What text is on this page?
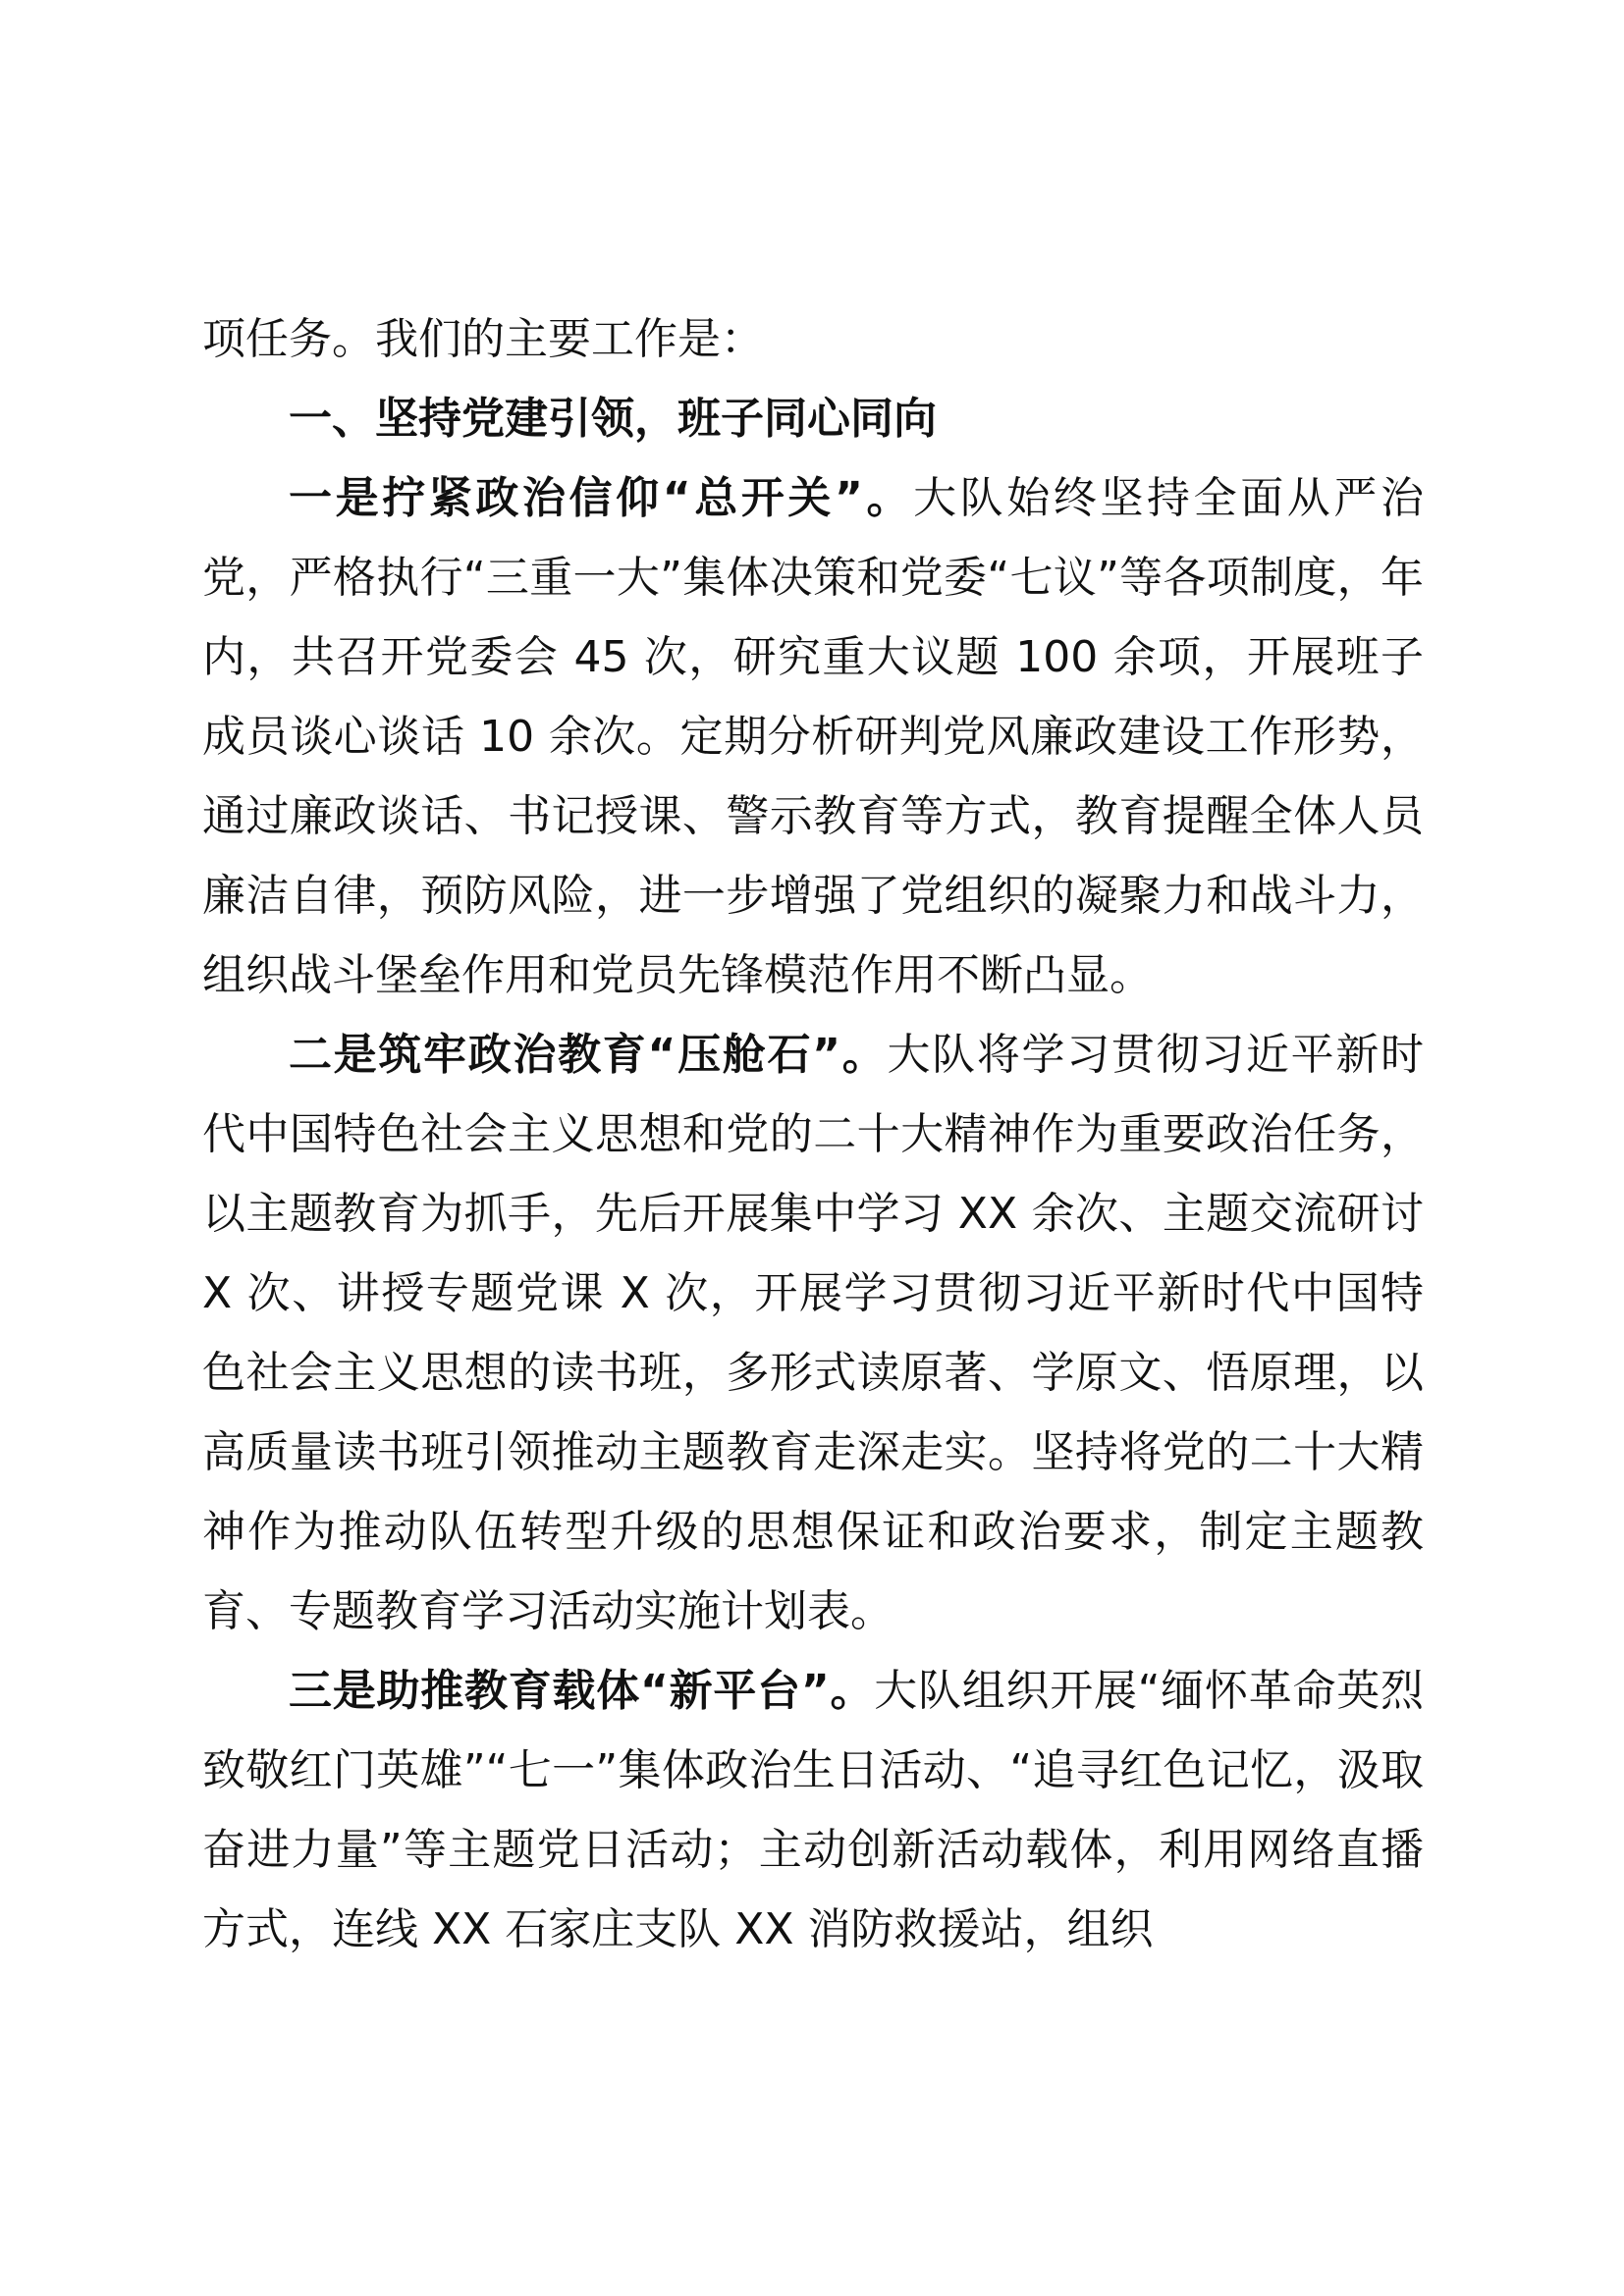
项任务。我们的主要工作是：

一、坚持党建引领，班子同心同向

一是拧紧政治信仰“总开关”。大队始终坚持全面从严治党，严格执行“三重一大”集体决策和党委“七议”等各项制度，年内，共召开党委会 45 次，研究重大议题 100 余项，开展班子成员谈心谈话 10 余次。定期分析研判党风廉政建设工作形势，通过廉政谈话、书记授课、警示教育等方式，教育提醒全体人员廉洁自律，预防风险，进一步增强了党组织的凝聚力和战斗力，组织战斗堡垒作用和党员先锋模范作用不断凸显。

二是筑牢政治教育“压舱石”。大队将学习贯彻习近平新时代中国特色社会主义思想和党的二十大精神作为重要政治任务，以主题教育为抓手，先后开展集中学习 XX 余次、主题交流研讨 X 次、讲授专题党课 X 次，开展学习贯彻习近平新时代中国特色社会主义思想的读书班，多形式读原著、学原文、悟原理，以高质量读书班引领推动主题教育走深走实。坚持将党的二十大精神作为推动队伍转型升级的思想保证和政治要求，制定主题教育、专题教育学习活动实施计划表。

三是助推教育载体“新平台”。大队组织开展“缅怀革命英烈 致敬红门英雄”“七一”集体政治生日活动、“追寻红色记忆，汲取奋进力量”等主题党日活动；主动创新活动载体，利用网络直播方式，连线 XX 石家庄支队 XX 消防救援站，组织
